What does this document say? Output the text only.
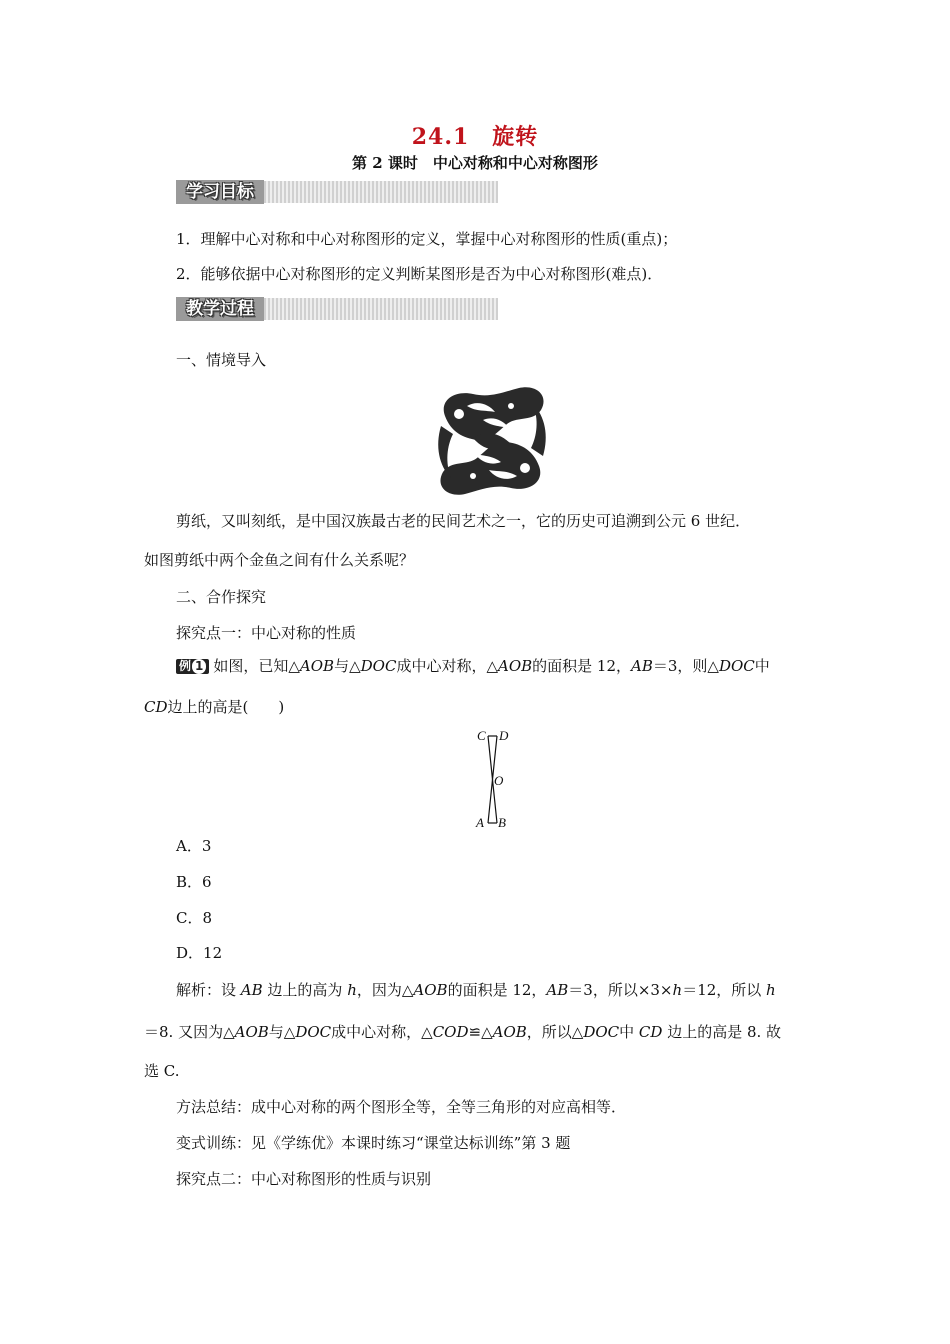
24.1　旋转
第 2 课时　中心对称和中心对称图形
学习目标
1．理解中心对称和中心对称图形的定义，掌握中心对称图形的性质(重点)；
2．能够依据中心对称图形的定义判断某图形是否为中心对称图形(难点)．
教学过程
一、情境导入
剪纸，又叫刻纸，是中国汉族最古老的民间艺术之一，它的历史可追溯到公元 6 世纪．
如图剪纸中两个金鱼之间有什么关系呢？
二、合作探究
探究点一：中心对称的性质
例 1 如图，已知△AOB与△DOC成中心对称，△AOB的面积是 12，AB＝3，则△DOC中
CD边上的高是(　　)
C D
O
A B
A．3
B．6
C．8
D．12
解析：设 AB 边上的高为 h，因为△AOB的面积是 12，AB＝3，所以×3×h＝12，所以 h
＝8. 又因为△AOB与△DOC成中心对称，△COD≌△AOB，所以△DOC中 CD 边上的高是 8. 故
选 C.
方法总结：成中心对称的两个图形全等，全等三角形的对应高相等．
变式训练：见《学练优》本课时练习“课堂达标训练”第 3 题
探究点二：中心对称图形的性质与识别
